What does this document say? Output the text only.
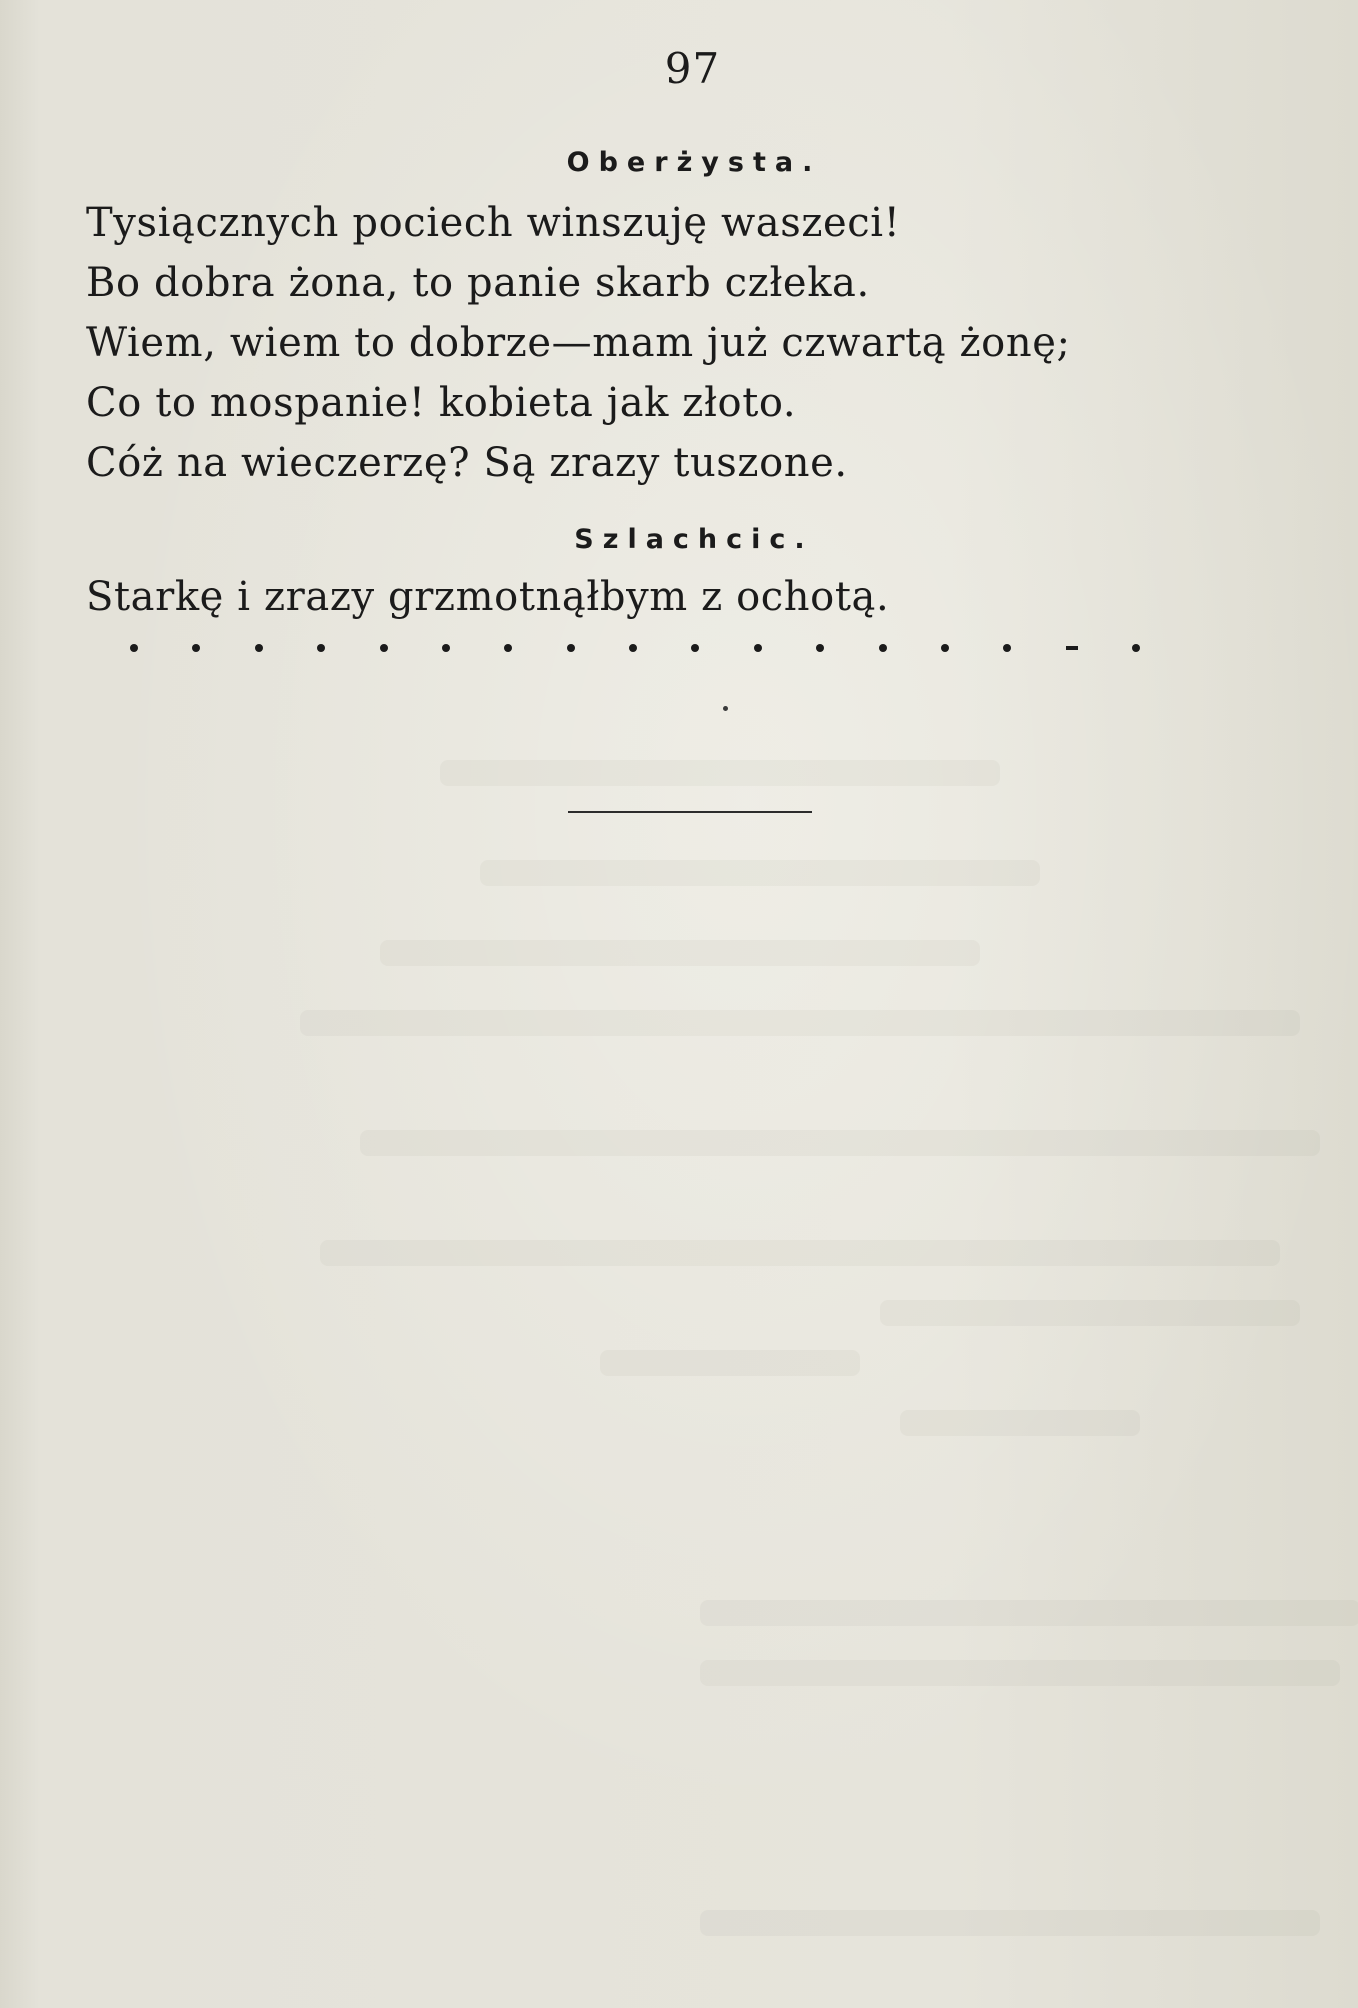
97
Oberżysta.
Tysiącznych pociech winszuję waszeci!
Bo dobra żona, to panie skarb człeka.
Wiem, wiem to dobrze—mam już czwartą żonę;
Co to mospanie! kobieta jak złoto.
Cóż na wieczerzę? Są zrazy tuszone.
Szlachcic.
Starkę i zrazy grzmotnąłbym z ochotą.
